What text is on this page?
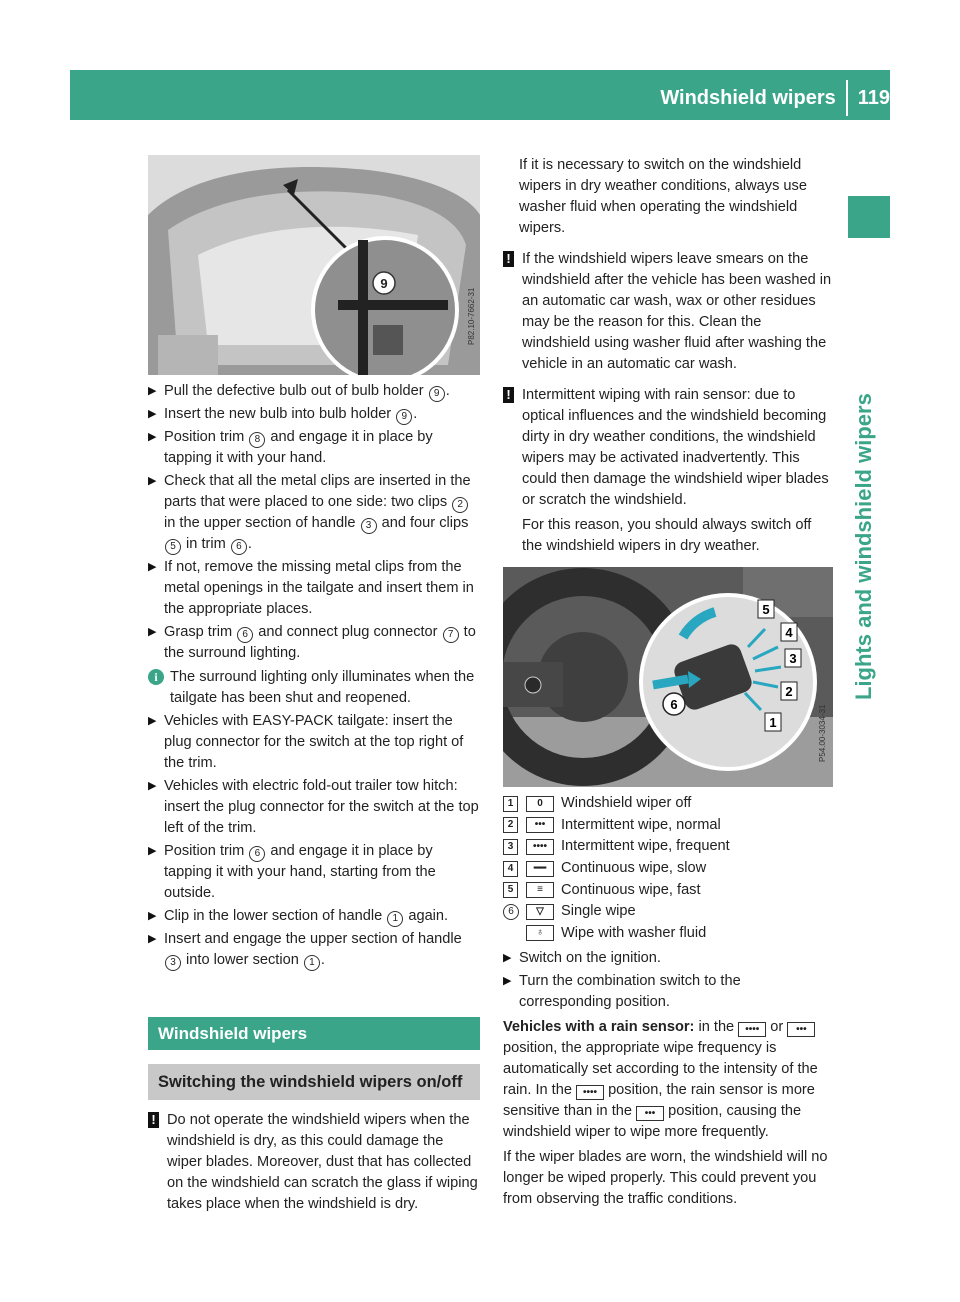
Windshield wipers 119
Lights and windshield wipers
9
P82.10-7662-31
▶ Pull the defective bulb out of bulb holder 9 .
▶ Insert the new bulb into bulb holder 9 .
▶ Position trim 8 and engage it in place by tapping it with your hand.
▶ Check that all the metal clips are inserted in the parts that were placed to one side: two clips 2 in the upper section of handle 3 and four clips 5 in trim 6 .
▶ If not, remove the missing metal clips from the metal openings in the tailgate and insert them in the appropriate places.
▶ Grasp trim 6 and connect plug connector 7 to the surround lighting.
i The surround lighting only illuminates when the tailgate has been shut and reopened.
▶ Vehicles with EASY-PACK tailgate: insert the plug connector for the switch at the top right of the trim.
▶ Vehicles with electric fold-out trailer tow hitch: insert the plug connector for the switch at the top left of the trim.
▶ Position trim 6 and engage it in place by tapping it with your hand, starting from the outside.
▶ Clip in the lower section of handle 1 again.
▶ Insert and engage the upper section of handle 3 into lower section 1 .
Windshield wipers
Switching the windshield wipers on/off
! Do not operate the windshield wipers when the windshield is dry, as this could damage the wiper blades. Moreover, dust that has collected on the windshield can scratch the glass if wiping takes place when the windshield is dry.

If it is necessary to switch on the windshield wipers in dry weather conditions, always use washer fluid when operating the windshield wipers.

! If the windshield wipers leave smears on the windshield after the vehicle has been washed in an automatic car wash, wax or other residues may be the reason for this. Clean the windshield using washer fluid after washing the vehicle in an automatic car wash.
! Intermittent wiping with rain sensor: due to optical influences and the windshield becoming dirty in dry weather conditions, the windshield wipers may be activated inadvertently. This could then damage the windshield wiper blades or scratch the windshield.

For this reason, you should always switch off the windshield wipers in dry weather.
5
4
3
2
1
6
P54.00-3034-31
1	0	Windshield wiper off
2	•••	Intermittent wipe, normal
3	•••• Intermittent wipe, frequent
4	━━	Continuous wipe, slow
5	≡	Continuous wipe, fast
6	▽	Single wipe
♁	Wipe with washer fluid
▶ Switch on the ignition.
▶ Turn the combination switch to the corresponding position.

Vehicles with a rain sensor: in the •••• or ••• position, the appropriate wipe frequency is automatically set according to the intensity of the rain. In the •••• position, the rain sensor is more sensitive than in the ••• position, causing the windshield wiper to wipe more frequently.

If the wiper blades are worn, the windshield will no longer be wiped properly. This could prevent you from observing the traffic conditions.
